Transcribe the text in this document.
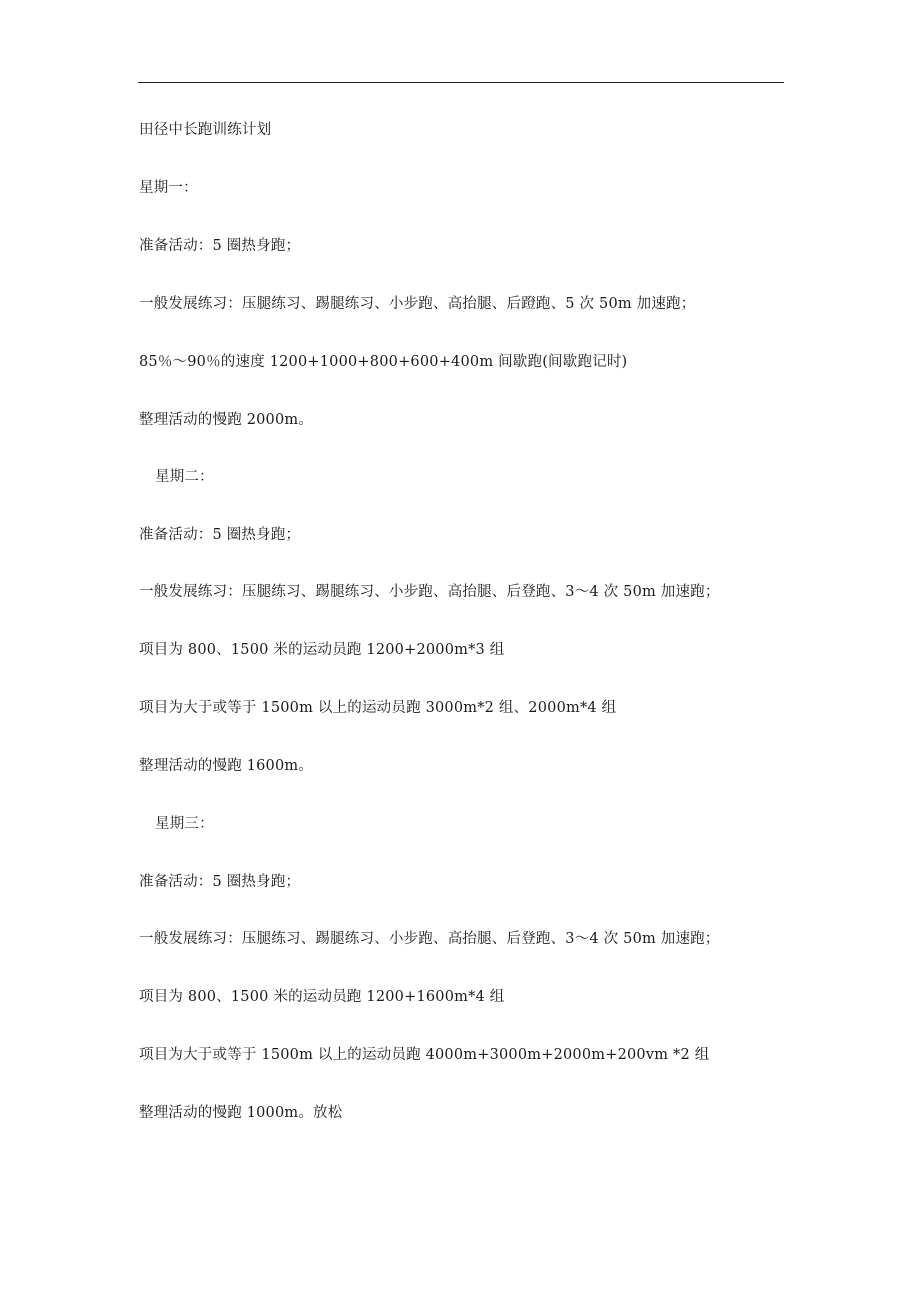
田径中长跑训练计划
星期一：
准备活动：5 圈热身跑；
一般发展练习：压腿练习、踢腿练习、小步跑、高抬腿、后蹬跑、5 次 50m 加速跑；
85％～90％的速度 1200+1000+800+600+400m 间歇跑(间歇跑记时)
整理活动的慢跑 2000m。
星期二：
准备活动：5 圈热身跑；
一般发展练习：压腿练习、踢腿练习、小步跑、高抬腿、后登跑、3～4 次 50m 加速跑；
项目为 800、1500 米的运动员跑 1200+2000m*3 组
项目为大于或等于 1500m 以上的运动员跑 3000m*2 组、2000m*4 组
整理活动的慢跑 1600m。
星期三：
准备活动：5 圈热身跑；
一般发展练习：压腿练习、踢腿练习、小步跑、高抬腿、后登跑、3～4 次 50m 加速跑；
项目为 800、1500 米的运动员跑 1200+1600m*4 组
项目为大于或等于 1500m 以上的运动员跑 4000m+3000m+2000m+200vm *2 组
整理活动的慢跑 1000m。放松
